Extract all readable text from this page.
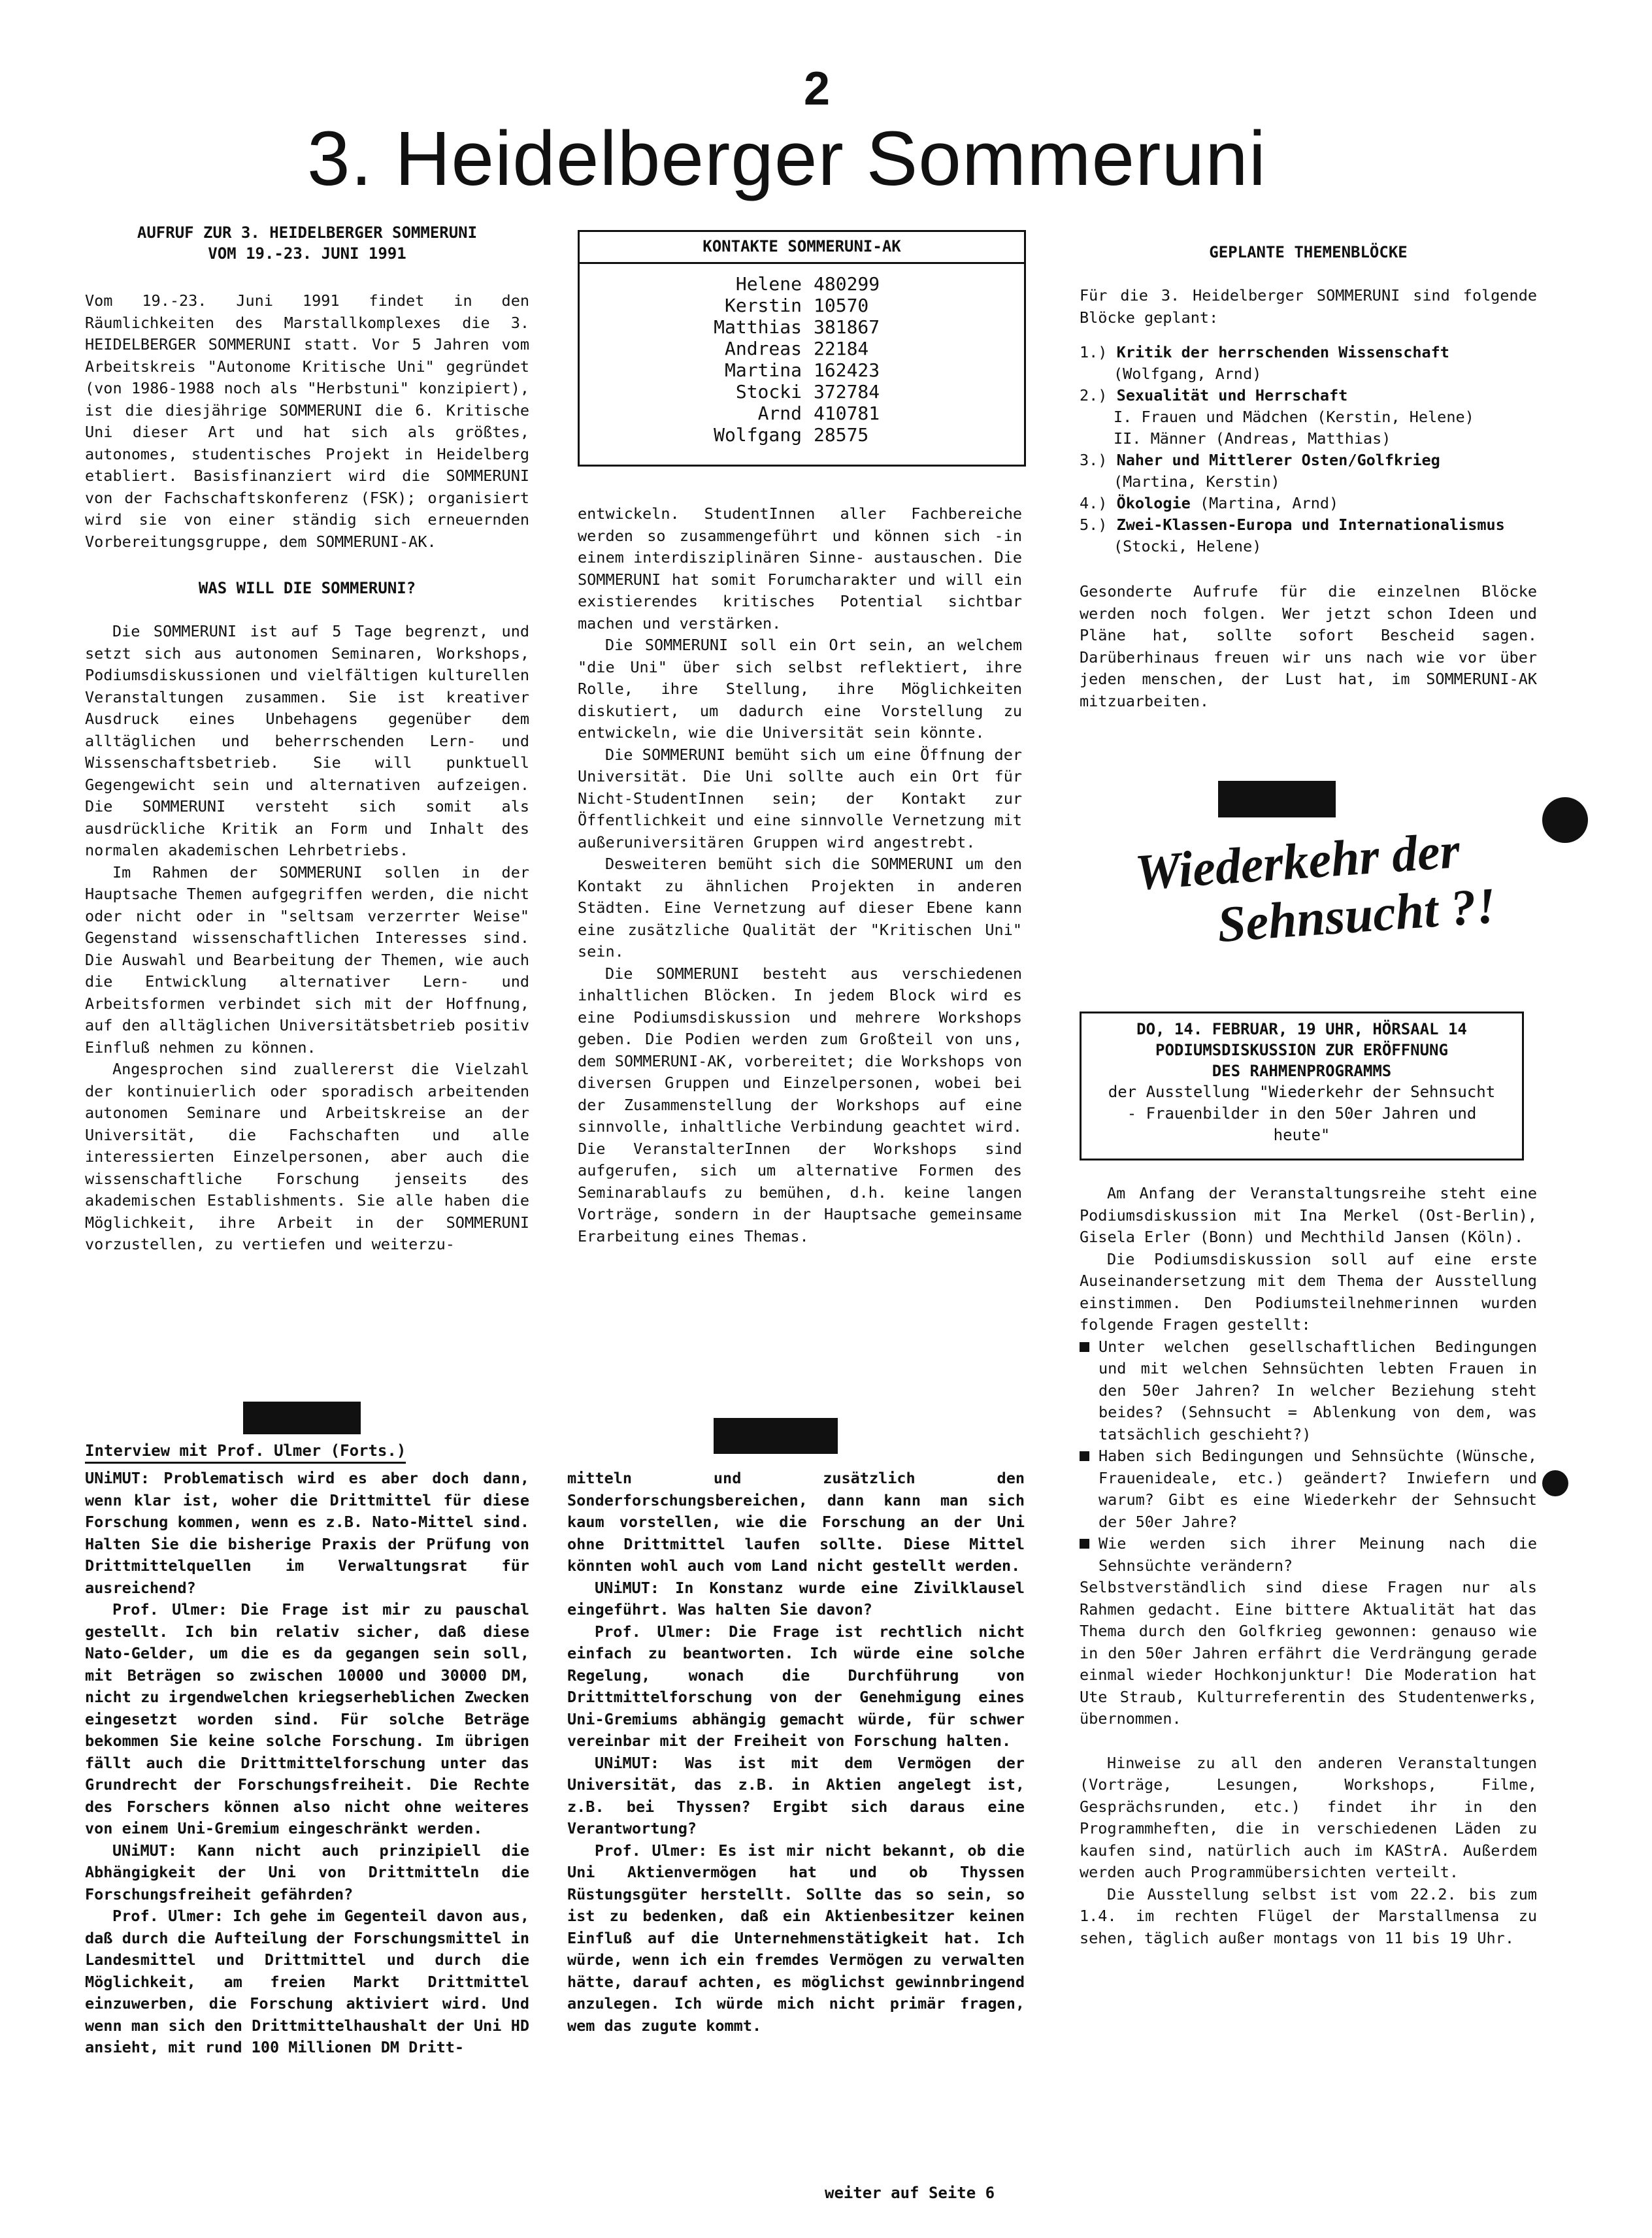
2
3. Heidelberger Sommeruni

AUFRUF ZUR 3. HEIDELBERGER SOMMERUNI

VOM 19.-23. JUNI 1991

Vom 19.-23. Juni 1991 findet in den Räumlichkeiten des Marstallkomplexes die 3. HEIDELBERGER SOMMERUNI statt. Vor 5 Jahren vom Arbeitskreis "Autonome Kritische Uni" gegründet (von 1986-1988 noch als "Herbstuni" konzipiert), ist die diesjährige SOMMERUNI die 6. Kritische Uni dieser Art und hat sich als größtes, autonomes, studentisches Projekt in Heidelberg etabliert. Basisfinanziert wird die SOMMERUNI von der Fachschaftskonferenz (FSK); organisiert wird sie von einer ständig sich erneuernden Vorbereitungsgruppe, dem SOMMERUNI-AK.

WAS WILL DIE SOMMERUNI?

Die SOMMERUNI ist auf 5 Tage begrenzt, und setzt sich aus autonomen Seminaren, Workshops, Podiumsdiskussionen und vielfältigen kulturellen Veranstaltungen zusammen. Sie ist kreativer Ausdruck eines Unbehagens gegenüber dem alltäglichen und beherrschenden Lern- und Wissenschaftsbetrieb. Sie will punktuell Gegengewicht sein und alternativen aufzeigen. Die SOMMERUNI versteht sich somit als ausdrückliche Kritik an Form und Inhalt des normalen akademischen Lehrbetriebs.

Im Rahmen der SOMMERUNI sollen in der Hauptsache Themen aufgegriffen werden, die nicht oder nicht oder in "seltsam verzerrter Weise" Gegenstand wissenschaftlichen Interesses sind. Die Auswahl und Bearbeitung der Themen, wie auch die Entwicklung alternativer Lern- und Arbeitsformen verbindet sich mit der Hoffnung, auf den alltäglichen Universitätsbetrieb positiv Einfluß nehmen zu können.

Angesprochen sind zuallererst die Vielzahl der kontinuierlich oder sporadisch arbeitenden autonomen Seminare und Arbeitskreise an der Universität, die Fachschaften und alle interessierten Einzelpersonen, aber auch die wissenschaftliche Forschung jenseits des akademischen Establishments. Sie alle haben die Möglichkeit, ihre Arbeit in der SOMMERUNI vorzustellen, zu vertiefen und weiterzu-

KONTAKTE SOMMERUNI-AK
Helene 480299
Kerstin 10570
Matthias 381867
Andreas 22184
Martina 162423
Stocki 372784
Arnd 410781
Wolfgang 28575

entwickeln. StudentInnen aller Fachbereiche werden so zusammengeführt und können sich -in einem interdisziplinären Sinne- austauschen. Die SOMMERUNI hat somit Forumcharakter und will ein existierendes kritisches Potential sichtbar machen und verstärken.

Die SOMMERUNI soll ein Ort sein, an welchem "die Uni" über sich selbst reflektiert, ihre Rolle, ihre Stellung, ihre Möglichkeiten diskutiert, um dadurch eine Vorstellung zu entwickeln, wie die Universität sein könnte.

Die SOMMERUNI bemüht sich um eine Öffnung der Universität. Die Uni sollte auch ein Ort für Nicht-StudentInnen sein; der Kontakt zur Öffentlichkeit und eine sinnvolle Vernetzung mit außeruniversitären Gruppen wird angestrebt.

Desweiteren bemüht sich die SOMMERUNI um den Kontakt zu ähnlichen Projekten in anderen Städten. Eine Vernetzung auf dieser Ebene kann eine zusätzliche Qualität der "Kritischen Uni" sein.

Die SOMMERUNI besteht aus verschiedenen inhaltlichen Blöcken. In jedem Block wird es eine Podiumsdiskussion und mehrere Workshops geben. Die Podien werden zum Großteil von uns, dem SOMMERUNI-AK, vorbereitet; die Workshops von diversen Gruppen und Einzelpersonen, wobei bei der Zusammenstellung der Workshops auf eine sinnvolle, inhaltliche Verbindung geachtet wird. Die VeranstalterInnen der Workshops sind aufgerufen, sich um alternative Formen des Seminarablaufs zu bemühen, d.h. keine langen Vorträge, sondern in der Hauptsache gemeinsame Erarbeitung eines Themas.

GEPLANTE THEMENBLÖCKE

Für die 3. Heidelberger SOMMERUNI sind folgende Blöcke geplant:

1.) Kritik der herrschenden Wissenschaft
(Wolfgang, Arnd)
2.) Sexualität und Herrschaft
I. Frauen und Mädchen (Kerstin, Helene)
II. Männer (Andreas, Matthias)
3.) Naher und Mittlerer Osten/Golfkrieg
(Martina, Kerstin)
4.) Ökologie (Martina, Arnd)
5.) Zwei-Klassen-Europa und Internationalismus
(Stocki, Helene)

Gesonderte Aufrufe für die einzelnen Blöcke werden noch folgen. Wer jetzt schon Ideen und Pläne hat, sollte sofort Bescheid sagen. Darüberhinaus freuen wir uns nach wie vor über jeden menschen, der Lust hat, im SOMMERUNI-AK mitzuarbeiten.

Wiederkehr der
Sehnsucht ?!

DO, 14. FEBRUAR, 19 UHR, HÖRSAAL 14

PODIUMSDISKUSSION ZUR ERÖFFNUNG

DES RAHMENPROGRAMMS

der Ausstellung "Wiederkehr der Sehnsucht - Frauenbilder in den 50er Jahren und heute"

Am Anfang der Veranstaltungsreihe steht eine Podiumsdiskussion mit Ina Merkel (Ost-Berlin), Gisela Erler (Bonn) und Mechthild Jansen (Köln).

Die Podiumsdiskussion soll auf eine erste Auseinandersetzung mit dem Thema der Ausstellung einstimmen. Den Podiumsteilnehmerinnen wurden folgende Fragen gestellt:

Unter welchen gesellschaftlichen Bedingungen und mit welchen Sehnsüchten lebten Frauen in den 50er Jahren? In welcher Beziehung steht beides? (Sehnsucht = Ablenkung von dem, was tatsächlich geschieht?)

Haben sich Bedingungen und Sehnsüchte (Wünsche, Frauenideale, etc.) geändert? Inwiefern und warum? Gibt es eine Wiederkehr der Sehnsucht der 50er Jahre?

Wie werden sich ihrer Meinung nach die Sehnsüchte verändern?

Selbstverständlich sind diese Fragen nur als Rahmen gedacht. Eine bittere Aktualität hat das Thema durch den Golfkrieg gewonnen: genauso wie in den 50er Jahren erfährt die Verdrängung gerade einmal wieder Hochkonjunktur! Die Moderation hat Ute Straub, Kulturreferentin des Studentenwerks, übernommen.

Hinweise zu all den anderen Veranstaltungen (Vorträge, Lesungen, Workshops, Filme, Gesprächsrunden, etc.) findet ihr in den Programmheften, die in verschiedenen Läden zu kaufen sind, natürlich auch im KAStrA. Außerdem werden auch Programmübersichten verteilt.

Die Ausstellung selbst ist vom 22.2. bis zum 1.4. im rechten Flügel der Marstallmensa zu sehen, täglich außer montags von 11 bis 19 Uhr.

Interview mit Prof. Ulmer (Forts.)

UNiMUT: Problematisch wird es aber doch dann, wenn klar ist, woher die Drittmittel für diese Forschung kommen, wenn es z.B. Nato-Mittel sind. Halten Sie die bisherige Praxis der Prüfung von Drittmittelquellen im Verwaltungsrat für ausreichend?

Prof. Ulmer: Die Frage ist mir zu pauschal gestellt. Ich bin relativ sicher, daß diese Nato-Gelder, um die es da gegangen sein soll, mit Beträgen so zwischen 10000 und 30000 DM, nicht zu irgendwelchen kriegserheblichen Zwecken eingesetzt worden sind. Für solche Beträge bekommen Sie keine solche Forschung. Im übrigen fällt auch die Drittmittelforschung unter das Grundrecht der Forschungsfreiheit. Die Rechte des Forschers können also nicht ohne weiteres von einem Uni-Gremium eingeschränkt werden.

UNiMUT: Kann nicht auch prinzipiell die Abhängigkeit der Uni von Drittmitteln die Forschungsfreiheit gefährden?

Prof. Ulmer: Ich gehe im Gegenteil davon aus, daß durch die Aufteilung der Forschungsmittel in Landesmittel und Drittmittel und durch die Möglichkeit, am freien Markt Drittmittel einzuwerben, die Forschung aktiviert wird. Und wenn man sich den Drittmittelhaushalt der Uni HD ansieht, mit rund 100 Millionen DM Dritt-

mitteln und zusätzlich den Sonderforschungsbereichen, dann kann man sich kaum vorstellen, wie die Forschung an der Uni ohne Drittmittel laufen sollte. Diese Mittel könnten wohl auch vom Land nicht gestellt werden.

UNiMUT: In Konstanz wurde eine Zivilklausel eingeführt. Was halten Sie davon?

Prof. Ulmer: Die Frage ist rechtlich nicht einfach zu beantworten. Ich würde eine solche Regelung, wonach die Durchführung von Drittmittelforschung von der Genehmigung eines Uni-Gremiums abhängig gemacht würde, für schwer vereinbar mit der Freiheit von Forschung halten.

UNiMUT: Was ist mit dem Vermögen der Universität, das z.B. in Aktien angelegt ist, z.B. bei Thyssen? Ergibt sich daraus eine Verantwortung?

Prof. Ulmer: Es ist mir nicht bekannt, ob die Uni Aktienvermögen hat und ob Thyssen Rüstungsgüter herstellt. Sollte das so sein, so ist zu bedenken, daß ein Aktienbesitzer keinen Einfluß auf die Unternehmenstätigkeit hat. Ich würde, wenn ich ein fremdes Vermögen zu verwalten hätte, darauf achten, es möglichst gewinnbringend anzulegen. Ich würde mich nicht primär fragen, wem das zugute kommt.

weiter auf Seite 6
